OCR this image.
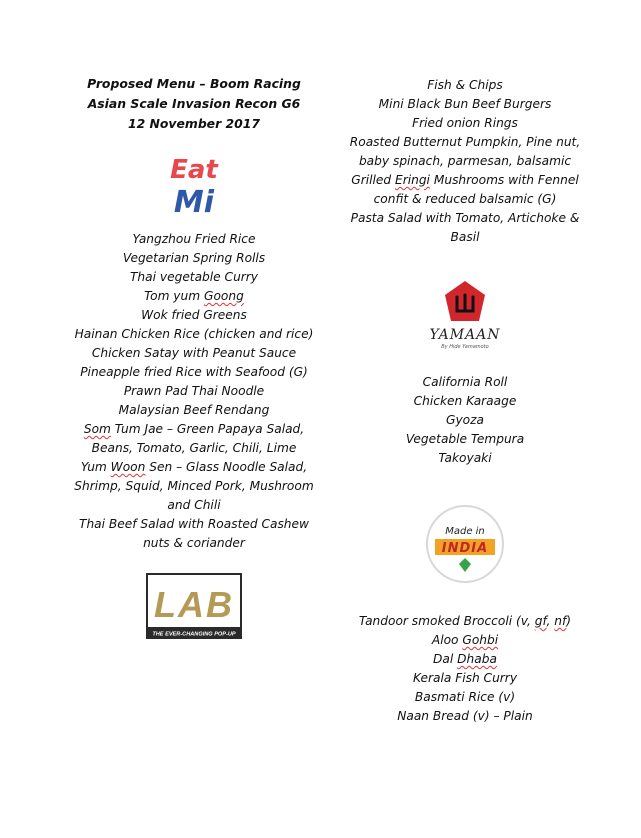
Proposed Menu – Boom Racing
Asian Scale Invasion Recon G6
12 November 2017
Eat
Mi
Yangzhou Fried Rice
Vegetarian Spring Rolls
Thai vegetable Curry
Tom yum Goong
Wok fried Greens
Hainan Chicken Rice (chicken and rice)
Chicken Satay with Peanut Sauce
Pineapple fried Rice with Seafood (G)
Prawn Pad Thai Noodle
Malaysian Beef Rendang
Som Tum Jae – Green Papaya Salad, Beans, Tomato, Garlic, Chili, Lime
Yum Woon Sen – Glass Noodle Salad, Shrimp, Squid, Minced Pork, Mushroom and Chili
Thai Beef Salad with Roasted Cashew nuts & coriander
LAB
THE EVER-CHANGING POP-UP
Fish & Chips
Mini Black Bun Beef Burgers
Fried onion Rings
Roasted Butternut Pumpkin, Pine nut, baby spinach, parmesan, balsamic
Grilled Eringi Mushrooms with Fennel confit & reduced balsamic (G)
Pasta Salad with Tomato, Artichoke & Basil
YAMAAN
By Hide Yamamoto
California Roll
Chicken Karaage
Gyoza
Vegetable Tempura
Takoyaki
Made in
INDIA
Tandoor smoked Broccoli (v, gf, nf)
Aloo Gohbi
Dal Dhaba
Kerala Fish Curry
Basmati Rice (v)
Naan Bread (v) – Plain
